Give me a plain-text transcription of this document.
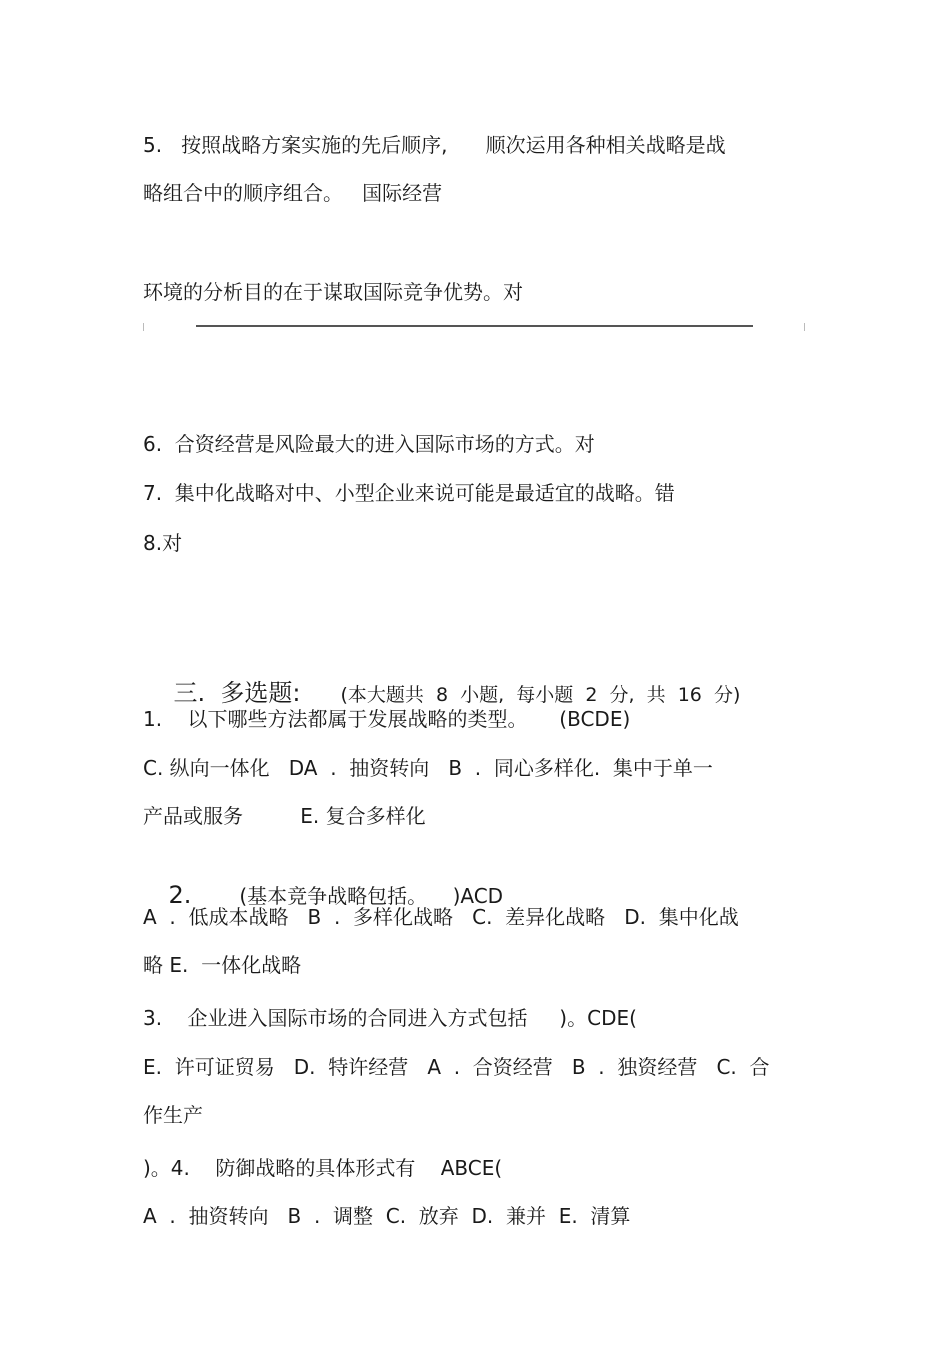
5.   按照战略方案实施的先后顺序,      顺次运用各种相关战略是战
略组合中的顺序组合。   国际经营
环境的分析目的在于谋取国际竞争优势。对
6.  合资经营是风险最大的进入国际市场的方式。对
7.  集中化战略对中、小型企业来说可能是最适宜的战略。错
8.对

三.  多选题: (本大题共  8  小题,  每小题  2  分,  共  16  分)

1.    以下哪些方法都属于发展战略的类型。     (BCDE)
C. 纵向一体化   DA  .  抽资转向   B  .  同心多样化.  集中于单一
产品或服务         E. 复合多样化

2. (基本竞争战略包括。    )ACD

A  .  低成本战略   B  .  多样化战略   C.  差异化战略   D.  集中化战
略 E.  一体化战略
3.    企业进入国际市场的合同进入方式包括     )。CDE(
E.  许可证贸易   D.  特许经营   A  .  合资经营   B  .  独资经营   C.  合
作生产
)。4.    防御战略的具体形式有    ABCE(
A  .  抽资转向   B  .  调整  C.  放弃  D.  兼并  E.  清算
